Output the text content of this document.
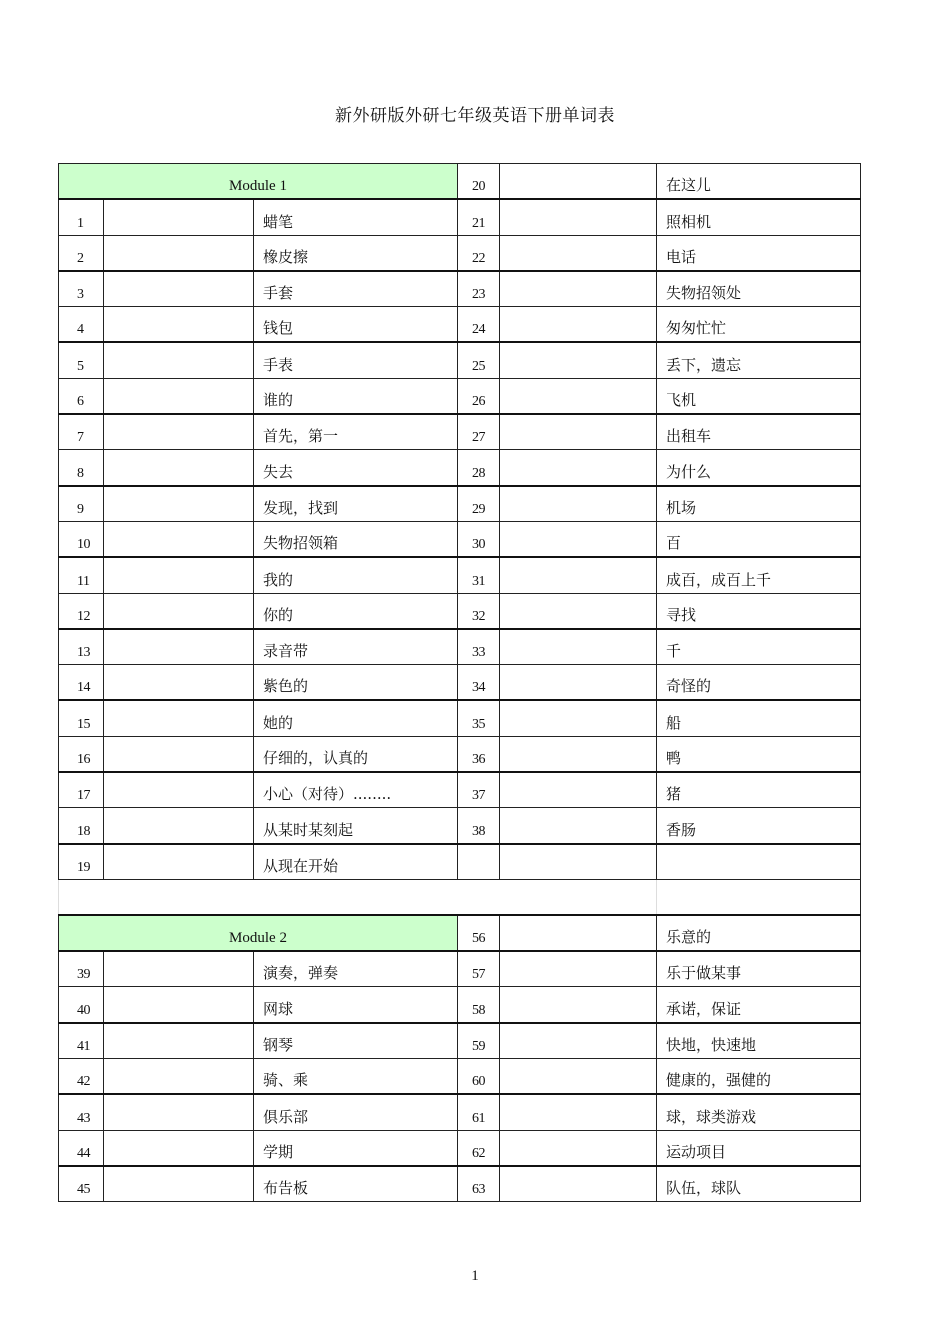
新外研版外研七年级英语下册单词表
Module 1			20		在这儿
1		蜡笔	21		照相机
2		橡皮擦	22		电话
3		手套	23		失物招领处
4		钱包	24		匆匆忙忙
5		手表	25		丢下，遗忘
6		谁的	26		飞机
7		首先，第一	27		出租车
8		失去	28		为什么
9		发现，找到	29		机场
10		失物招领箱	30		百
11		我的	31		成百，成百上千
12		你的	32		寻找
13		录音带	33		千
14		紫色的	34		奇怪的
15		她的	35		船
16		仔细的，认真的	36		鸭
17		小心（对待）........	37		猪
18		从某时某刻起	38		香肠
19		从现在开始			

Module 2			56		乐意的
39		演奏，弹奏	57		乐于做某事
40		网球	58		承诺，保证
41		钢琴	59		快地，快速地
42		骑、乘	60		健康的，强健的
43		俱乐部	61		球，球类游戏
44		学期	62		运动项目
45		布告板	63		队伍，球队
1
